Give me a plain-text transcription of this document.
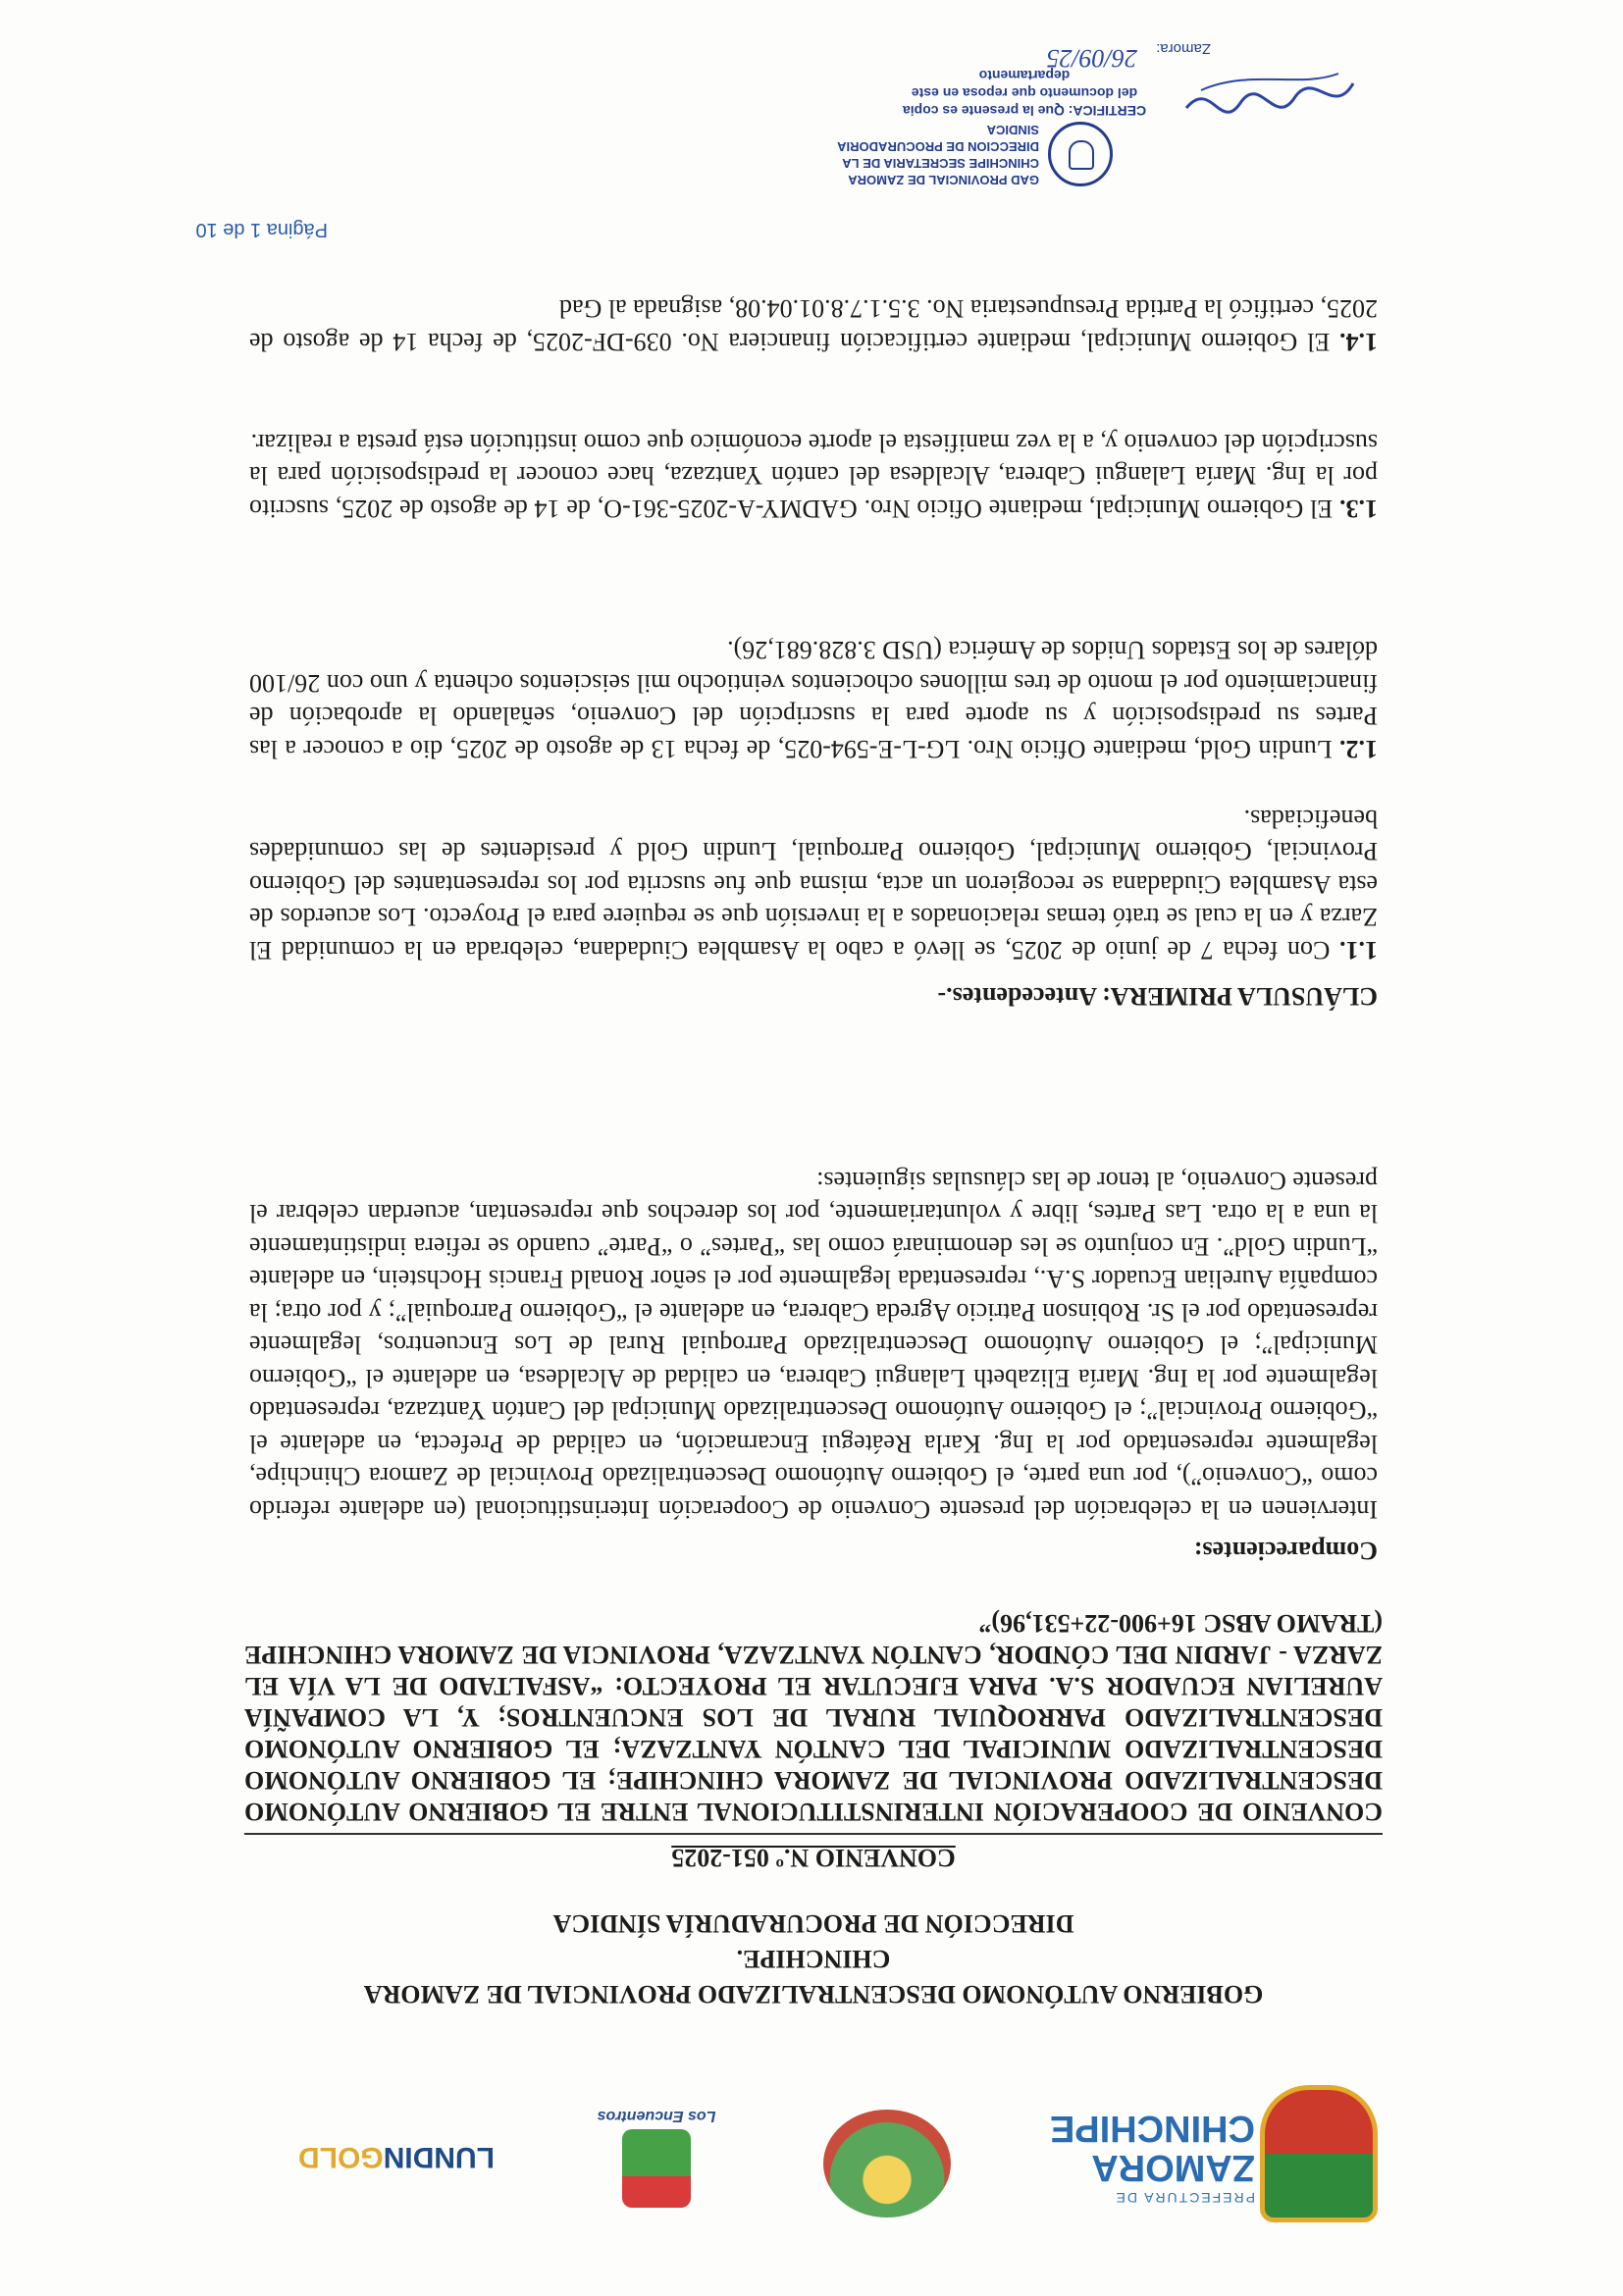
PREFECTURA DE
ZAMORA
CHINCHIPE
Los Encuentros
LUNDINGOLD
GOBIERNO AUTÓNOMO DESCENTRALIZADO PROVINCIAL DE ZAMORA
CHINCHIPE.
DIRECCIÓN DE PROCURADURÍA SÍNDICA
CONVENIO N.º 051-2025
CONVENIO DE COOPERACIÓN INTERINSTITUCIONAL ENTRE EL GOBIERNO AUTÓNOMO DESCENTRALIZADO PROVINCIAL DE ZAMORA CHINCHIPE; EL GOBIERNO AUTÓNOMO DESCENTRALIZADO MUNICIPAL DEL CANTÓN YANTZAZA; EL GOBIERNO AUTÓNOMO DESCENTRALIZADO PARROQUIAL RURAL DE LOS ENCUENTROS; Y, LA COMPAÑÍA AURELIAN ECUADOR S.A. PARA EJECUTAR EL PROYECTO: “ASFALTADO DE LA VÍA EL ZARZA - JARDIN DEL CÓNDOR, CANTÓN YANTZAZA, PROVINCIA DE ZAMORA CHINCHIPE (TRAMO ABSC 16+900-22+531,96)”
Comparecientes:
Intervienen en la celebración del presente Convenio de Cooperación Interinstitucional (en adelante referido como “Convenio”), por una parte, el Gobierno Autónomo Descentralizado Provincial de Zamora Chinchipe, legalmente representado por la Ing. Karla Reátegui Encarnación, en calidad de Prefecta, en adelante el “Gobierno Provincial”; el Gobierno Autónomo Descentralizado Municipal del Cantón Yantzaza, representado legalmente por la Ing. María Elizabeth Lalangui Cabrera, en calidad de Alcaldesa, en adelante el “Gobierno Municipal”; el Gobierno Autónomo Descentralizado Parroquial Rural de Los Encuentros, legalmente representado por el Sr. Robinson Patricio Agreda Cabrera, en adelante el “Gobierno Parroquial”; y por otra; la compañía Aurelian Ecuador S.A., representada legalmente por el señor Ronald Francis Hochstein, en adelante “Lundin Gold”. En conjunto se les denominará como las “Partes” o “Parte” cuando se refiera indistintamente la una a la otra. Las Partes, libre y voluntariamente, por los derechos que representan, acuerdan celebrar el presente Convenio, al tenor de las cláusulas siguientes:
CLÁUSULA PRIMERA: Antecedentes.-
1.1. Con fecha 7 de junio de 2025, se llevó a cabo la Asamblea Ciudadana, celebrada en la comunidad El Zarza y en la cual se trató temas relacionados a la inversión que se requiere para el Proyecto. Los acuerdos de esta Asamblea Ciudadana se recogieron un acta, misma que fue suscrita por los representantes del Gobierno Provincial, Gobierno Municipal, Gobierno Parroquial, Lundin Gold y presidentes de las comunidades beneficiadas.
1.2. Lundin Gold, mediante Oficio Nro. LG-L-E-594-025, de fecha 13 de agosto de 2025, dio a conocer a las Partes su predisposición y su aporte para la suscripción del Convenio, señalando la aprobación de financiamiento por el monto de tres millones ochocientos veintiocho mil seiscientos ochenta y uno con 26/100 dólares de los Estados Unidos de América (USD 3.828.681,26).
1.3. El Gobierno Municipal, mediante Oficio Nro. GADMY-A-2025-361-O, de 14 de agosto de 2025, suscrito por la Ing. María Lalangui Cabrera, Alcaldesa del cantón Yantzaza, hace conocer la predisposición para la suscripción del convenio y, a la vez manifiesta el aporte económico que como institución está presta a realizar.
1.4. El Gobierno Municipal, mediante certificación financiera No. 039-DF-2025, de fecha 14 de agosto de 2025, certificó la Partida Presupuestaria No. 3.5.1.7.8.01.04.08, asignada al Gad
Página 1 de 10
GAD PROVINCIAL DE ZAMORA CHINCHIPE SECRETARIA DE LA DIRECCION DE PROCURADORIA SINDICA
CERTIFICA: Que la presente es copia del documento que reposa en este departamento
Zamora:
26/09/25
